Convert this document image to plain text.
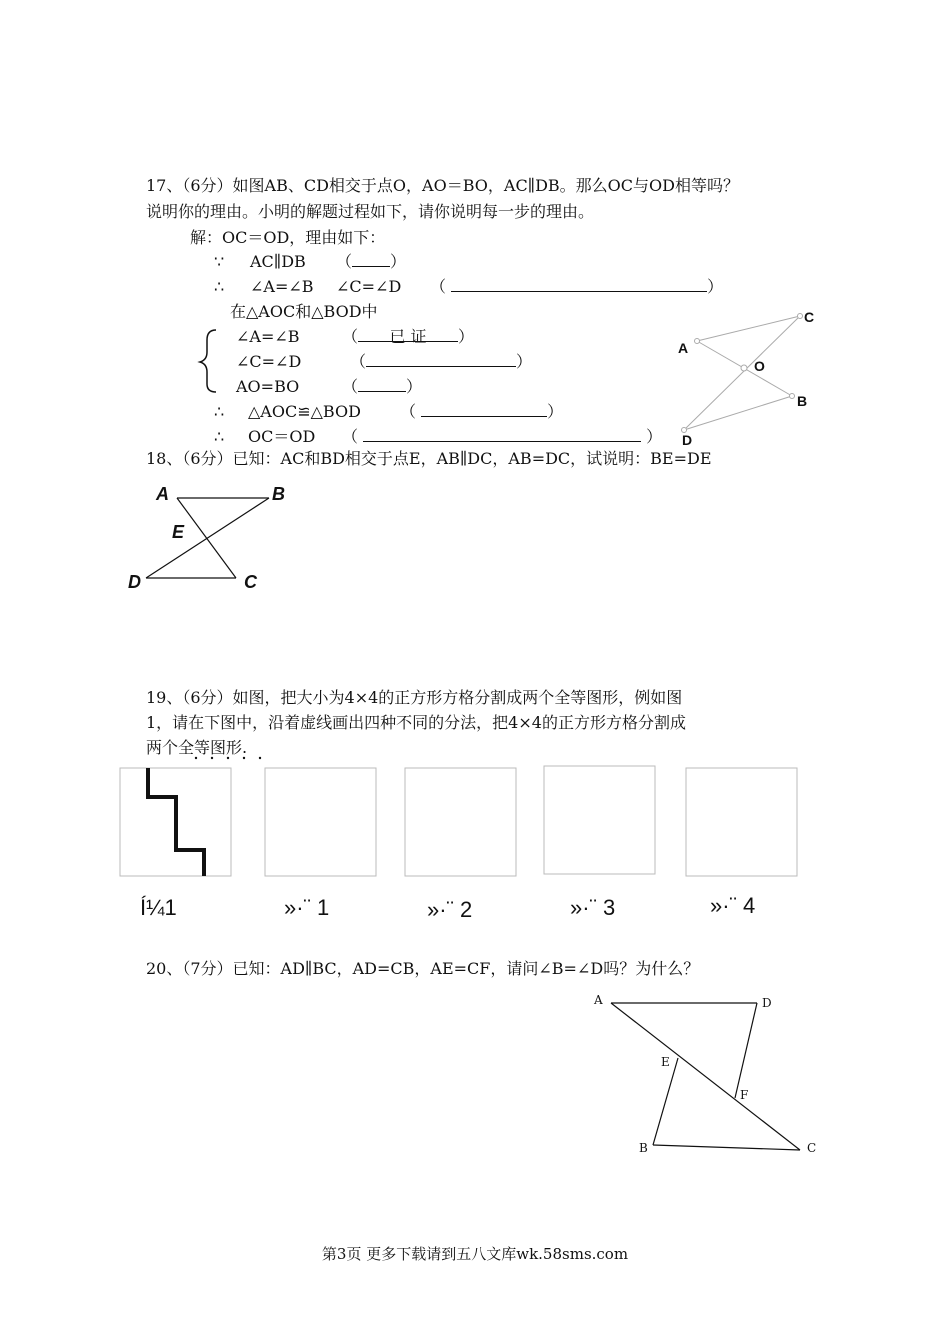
17、（6分）如图AB、CD相交于点O，AO＝BO，AC∥DB。那么OC与OD相等吗？
说明你的理由。小明的解题过程如下，请你说明每一步的理由。
解：OC＝OD，理由如下：
∵ AC∥DB （ ）
∴ ∠A=∠B ∠C=∠D （	）
在△AOC和△BOD中
∠A=∠B	（ 已 证 ）
∠C=∠D	（	）
AO=BO	（	）
∴ △AOC≌△BOD （	）
∴ OC＝OD （	）
A
C
O
B
D
18、（6分）已知：AC和BD相交于点E，AB∥DC，AB=DC，试说明：BE=DE
A	B
E
D	C
19、（6分）如图，把大小为4×4的正方形方格分割成两个全等图形，例如图
1，请在下图中，沿着虚线画出四种不同的分法，把4×4的正方形方格分割成
两个全等图形.
Í¼1	»·¨ 1	»·¨ 2	»·¨ 3	»·¨ 4
20、（7分）已知：AD∥BC，AD=CB，AE=CF，请问∠B=∠D吗？为什么？
A	D
E
F
B	C
第3页 更多下载请到五八文库wk.58sms.com
